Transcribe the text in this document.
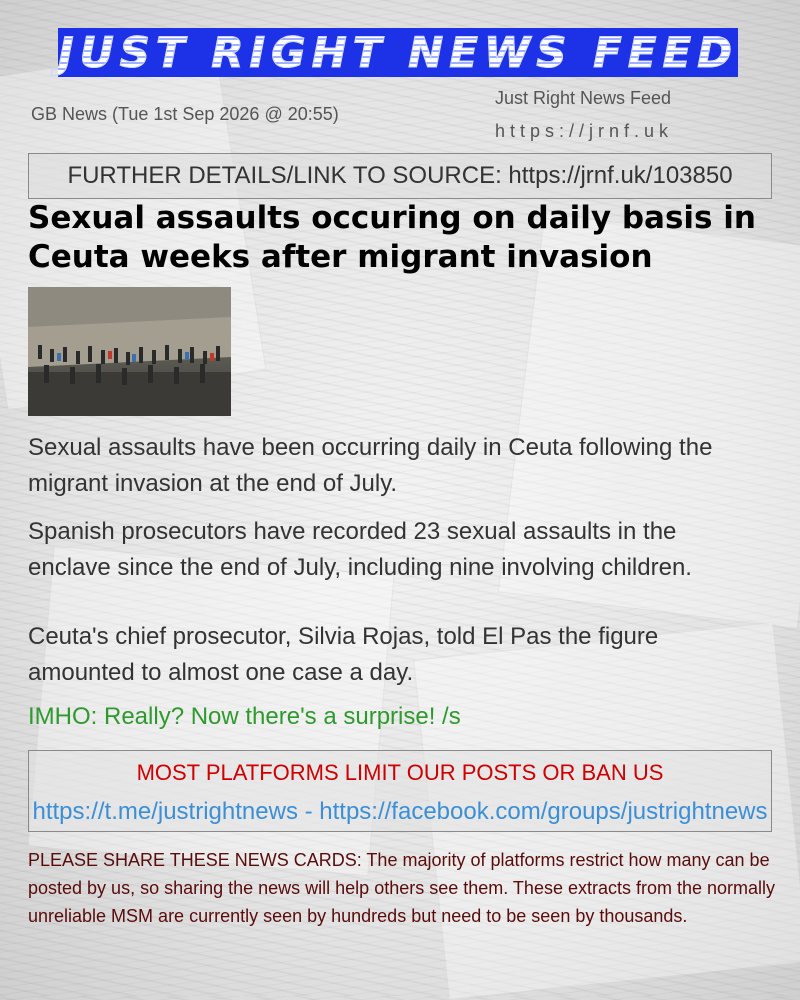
JUST RIGHT NEWS FEED
GB News (Tue 1st Sep 2026 @ 20:55)
Just Right News Feed
https://jrnf.uk
FURTHER DETAILS/LINK TO SOURCE: https://jrnf.uk/103850
Sexual assaults occuring on daily basis in Ceuta weeks after migrant invasion
Sexual assaults have been occurring daily in Ceuta following the migrant invasion at the end of July.
Spanish prosecutors have recorded 23 sexual assaults in the enclave since the end of July, including nine involving children.
Ceuta's chief prosecutor, Silvia Rojas, told El Pas the figure amounted to almost one case a day.
IMHO: Really? Now there's a surprise! /s
MOST PLATFORMS LIMIT OUR POSTS OR BAN US
https://t.me/justrightnews - https://facebook.com/groups/justrightnews
PLEASE SHARE THESE NEWS CARDS: The majority of platforms restrict how many can be posted by us, so sharing the news will help others see them. These extracts from the normally unreliable MSM are currently seen by hundreds but need to be seen by thousands.
